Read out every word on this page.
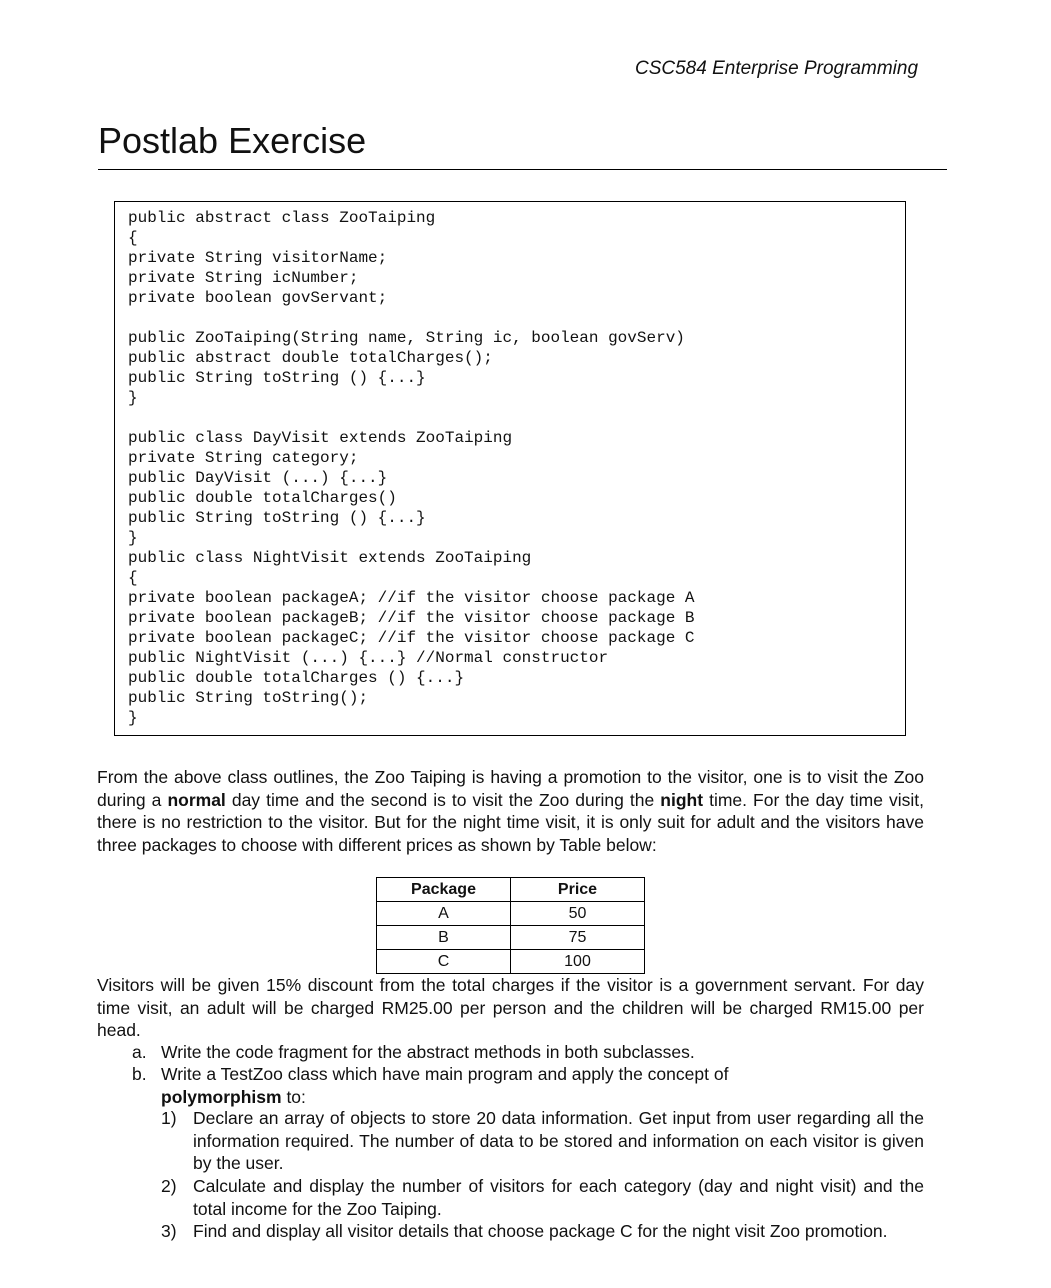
CSC584 Enterprise Programming
Postlab Exercise
public abstract class ZooTaiping
{
private String visitorName;
private String icNumber;
private boolean govServant;
public ZooTaiping(String name, String ic, boolean govServ)
public abstract double totalCharges();
public String toString () {...}
}
public class DayVisit extends ZooTaiping
private String category;
public DayVisit (...) {...}
public double totalCharges()
public String toString () {...}
}
public class NightVisit extends ZooTaiping
{
private boolean packageA; //if the visitor choose package A
private boolean packageB; //if the visitor choose package B
private boolean packageC; //if the visitor choose package C
public NightVisit (...) {...} //Normal constructor
public double totalCharges () {...}
public String toString();
}
From the above class outlines, the Zoo Taiping is having a promotion to the visitor, one is to visit the Zoo during a normal day time and the second is to visit the Zoo during the night time. For the day time visit, there is no restriction to the visitor. But for the night time visit, it is only suit for adult and the visitors have three packages to choose with different prices as shown by Table below:
Package	Price
A	50
B	75
C	100
Visitors will be given 15% discount from the total charges if the visitor is a government servant. For day time visit, an adult will be charged RM25.00 per person and the children will be charged RM15.00 per head.
a. Write the code fragment for the abstract methods in both subclasses.
b. Write a TestZoo class which have main program and apply the concept of polymorphism to:
1) Declare an array of objects to store 20 data information. Get input from user regarding all the information required. The number of data to be stored and information on each visitor is given by the user.
2) Calculate and display the number of visitors for each category (day and night visit) and the total income for the Zoo Taiping.
3) Find and display all visitor details that choose package C for the night visit Zoo promotion.
